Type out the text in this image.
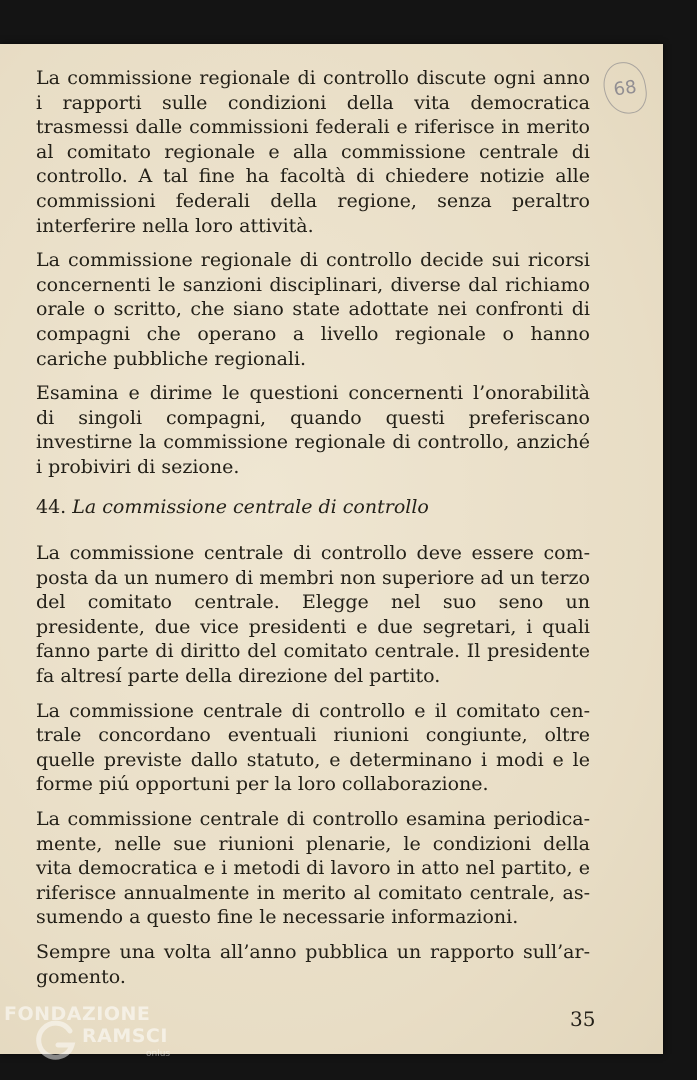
68

La commissione regionale di controllo discute ogni anno i rapporti sulle condizioni della vita democratica trasmessi dalle commissioni federali e riferisce in merito al comitato regionale e alla commissione centrale di controllo. A tal fine ha facoltà di chiedere notizie alle commissioni federali della regione, senza peraltro interferire nella loro attività.

La commissione regionale di controllo decide sui ricorsi concernenti le sanzioni disciplinari, diverse dal richiamo orale o scritto, che siano state adottate nei confronti di compagni che operano a livello regionale o hanno cariche pubbliche regionali.

Esamina e dirime le questioni concernenti l’onorabilità di singoli compagni, quando questi preferiscano investirne la commissione regionale di controllo, anziché i probiviri di sezione.

44. La commissione centrale di controllo

La commissione centrale di controllo deve essere composta da un numero di membri non superiore ad un terzo del comitato centrale. Elegge nel suo seno un presidente, due vice presidenti e due segretari, i quali fanno parte di diritto del comitato centrale. Il presidente fa altresí parte della direzione del partito.

La commissione centrale di controllo e il comitato centrale concordano eventuali riunioni congiunte, oltre quelle previste dallo statuto, e determinano i modi e le forme piú opportuni per la loro collaborazione.

La commissione centrale di controllo esamina periodicamente, nelle sue riunioni plenarie, le condizioni della vita democratica e i metodi di lavoro in atto nel partito, e riferisce annualmente in merito al comitato centrale, assumendo a questo fine le necessarie informazioni.

Sempre una volta all’anno pubblica un rapporto sull’argomento.

35
FONDAZIONE
RAMSCI
onlus
